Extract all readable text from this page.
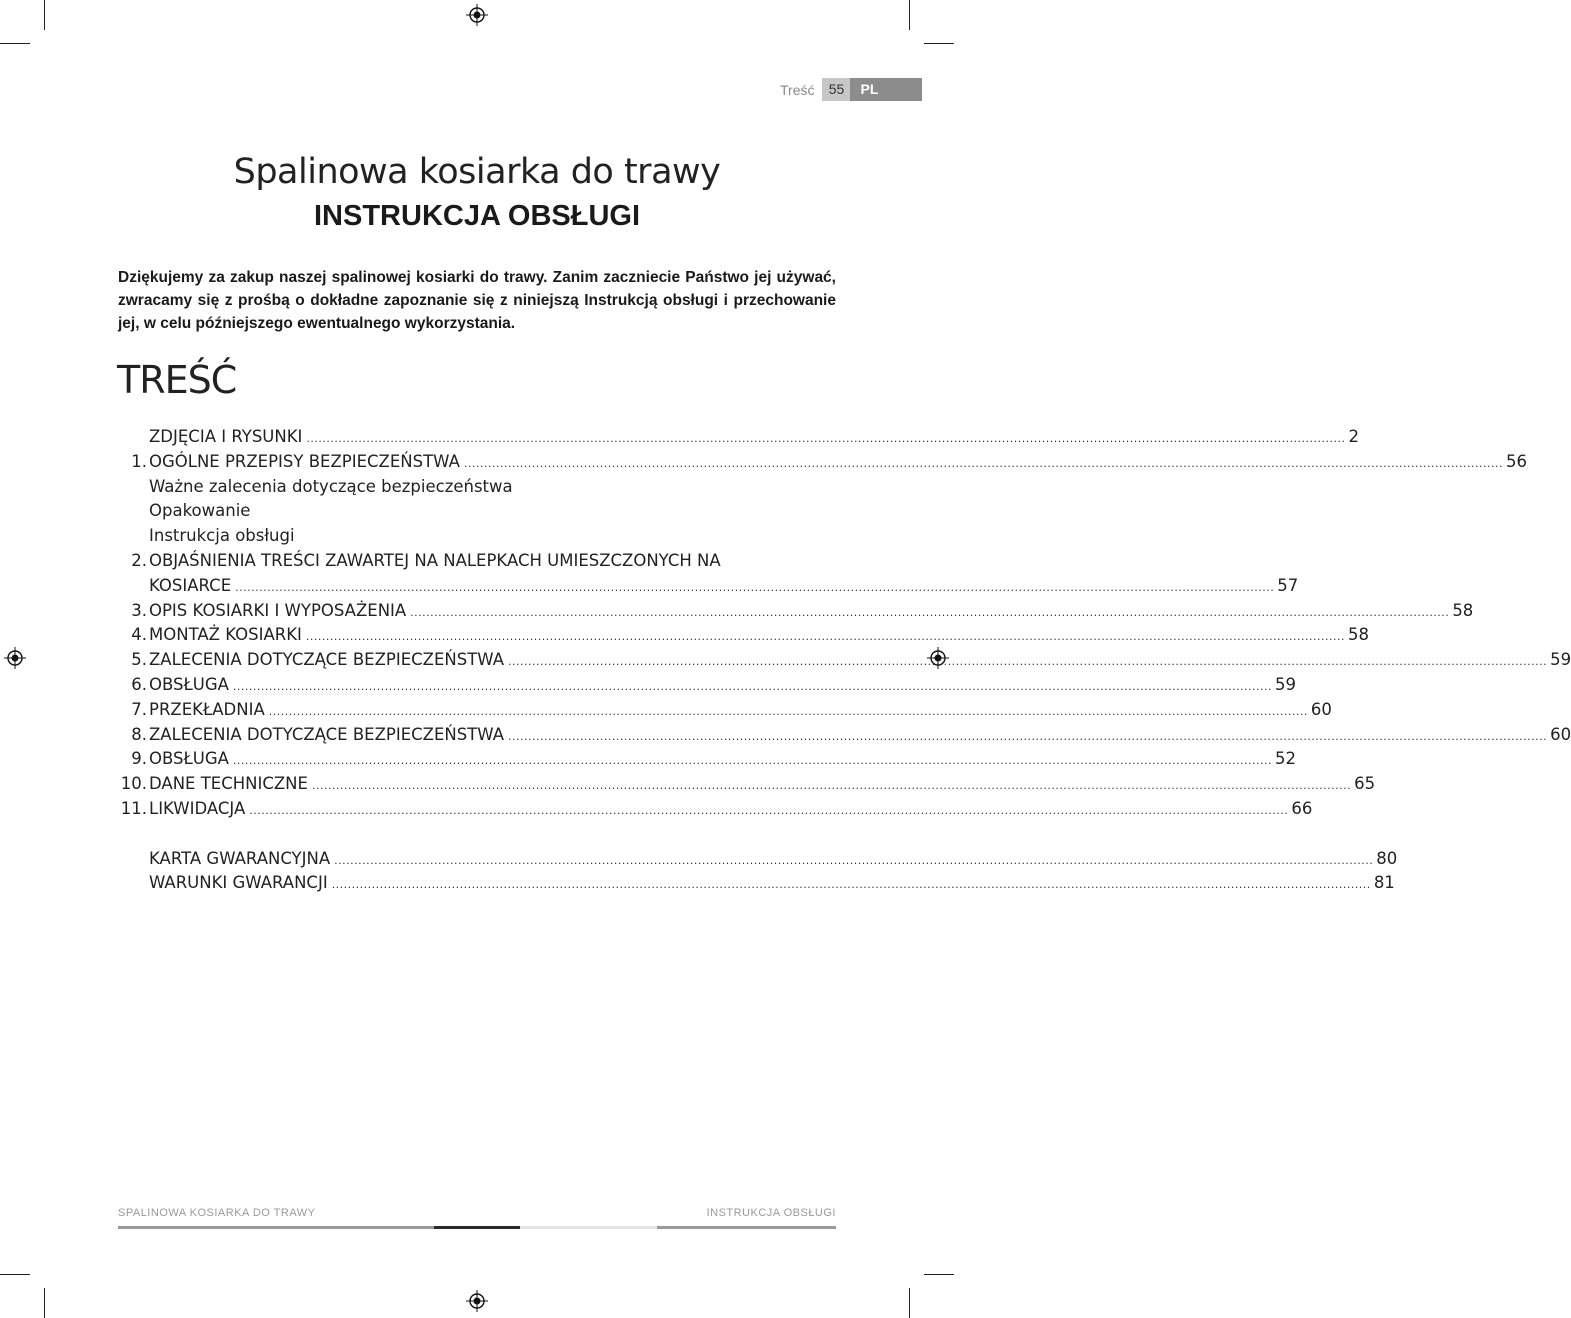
Treść	55	PL
Spalinowa kosiarka do trawy
INSTRUKCJA OBSŁUGI
Dziękujemy za zakup naszej spalinowej kosiarki do trawy. Zanim zaczniecie Państwo jej używać, zwracamy się z prośbą o dokładne zapoznanie się z niniejszą Instrukcją obsługi i przechowanie jej, w celu późniejszego ewentualnego wykorzystania.
TREŚĆ
ZDJĘCIA I RYSUNKI .................................................................................................................................................................................................................................................................... 2
1. OGÓLNE PRZEPISY BEZPIECZEŃSTWA .................................................................................................................................................................................................................................................................... 56
Ważne zalecenia dotyczące bezpieczeństwa
Opakowanie
Instrukcja obsługi
2. OBJAŚNIENIA TREŚCI ZAWARTEJ NA NALEPKACH UMIESZCZONYCH NA
KOSIARCE .................................................................................................................................................................................................................................................................... 57
3. OPIS KOSIARKI I WYPOSAŻENIA .................................................................................................................................................................................................................................................................... 58
4. MONTAŻ KOSIARKI .................................................................................................................................................................................................................................................................... 58
5. ZALECENIA DOTYCZĄCE BEZPIECZEŃSTWA .................................................................................................................................................................................................................................................................... 59
6. OBSŁUGA .................................................................................................................................................................................................................................................................... 59
7. PRZEKŁADNIA .................................................................................................................................................................................................................................................................... 60
8. ZALECENIA DOTYCZĄCE BEZPIECZEŃSTWA .................................................................................................................................................................................................................................................................... 60
9. OBSŁUGA .................................................................................................................................................................................................................................................................... 52
10. DANE TECHNICZNE .................................................................................................................................................................................................................................................................... 65
11. LIKWIDACJA .................................................................................................................................................................................................................................................................... 66
KARTA GWARANCYJNA .................................................................................................................................................................................................................................................................... 80
WARUNKI GWARANCJI .................................................................................................................................................................................................................................................................... 81
SPALINOWA KOSIARKA DO TRAWY	INSTRUKCJA OBSŁUGI
